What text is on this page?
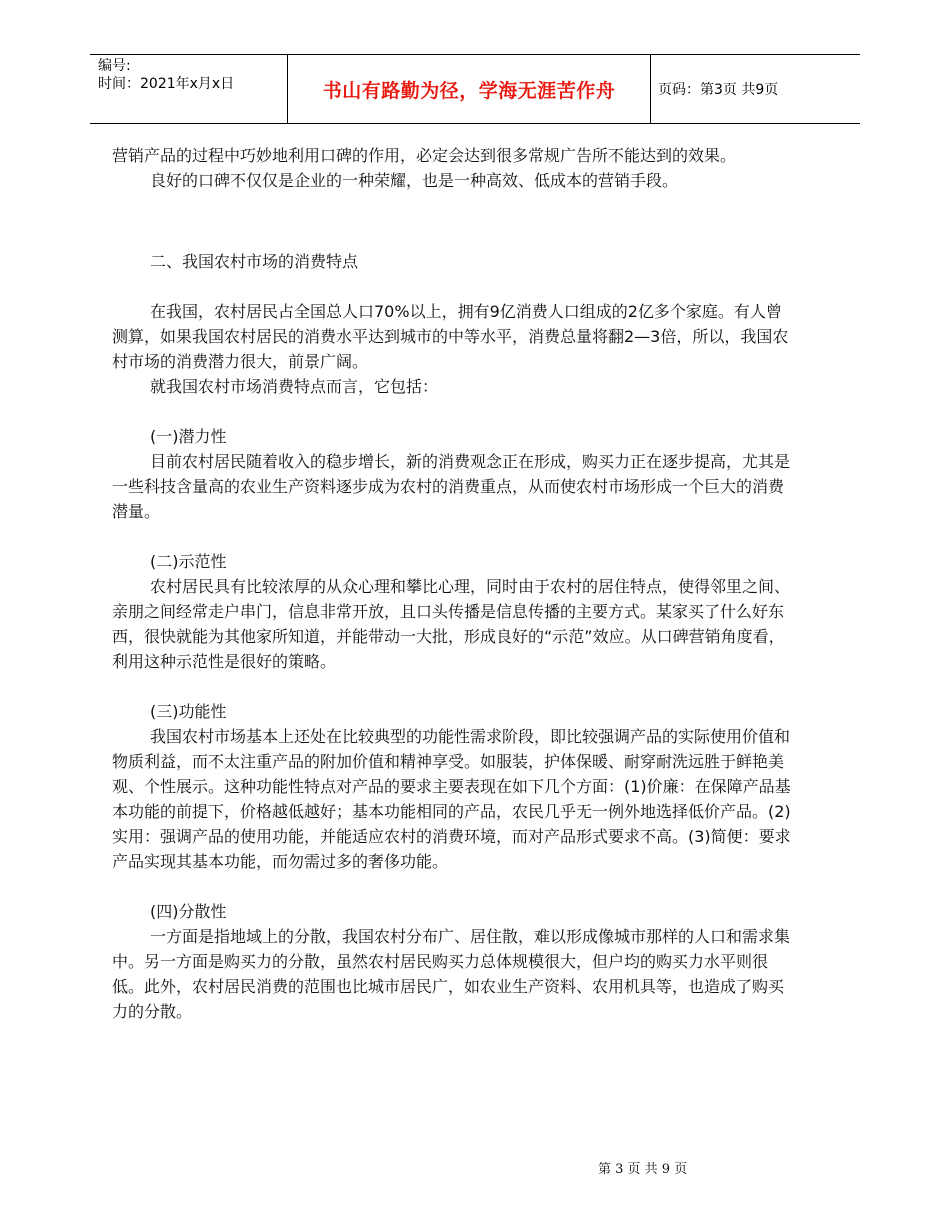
编号:
时间：2021年x月x日	书山有路勤为径，学海无涯苦作舟	页码：第3页 共9页

营销产品的过程中巧妙地利用口碑的作用，必定会达到很多常规广告所不能达到的效果。

良好的口碑不仅仅是企业的一种荣耀，也是一种高效、低成本的营销手段。

二、我国农村市场的消费特点

在我国，农村居民占全国总人口70%以上，拥有9亿消费人口组成的2亿多个家庭。有人曾测算，如果我国农村居民的消费水平达到城市的中等水平，消费总量将翻2—3倍，所以，我国农村市场的消费潜力很大，前景广阔。

就我国农村市场消费特点而言，它包括：

(一)潜力性

目前农村居民随着收入的稳步增长，新的消费观念正在形成，购买力正在逐步提高，尤其是一些科技含量高的农业生产资料逐步成为农村的消费重点，从而使农村市场形成一个巨大的消费潜量。

(二)示范性

农村居民具有比较浓厚的从众心理和攀比心理，同时由于农村的居住特点，使得邻里之间、亲朋之间经常走户串门，信息非常开放，且口头传播是信息传播的主要方式。某家买了什么好东西，很快就能为其他家所知道，并能带动一大批，形成良好的“示范”效应。从口碑营销角度看，利用这种示范性是很好的策略。

(三)功能性

我国农村市场基本上还处在比较典型的功能性需求阶段，即比较强调产品的实际使用价值和物质利益，而不太注重产品的附加价值和精神享受。如服装，护体保暖、耐穿耐洗远胜于鲜艳美观、个性展示。这种功能性特点对产品的要求主要表现在如下几个方面：(1)价廉：在保障产品基本功能的前提下，价格越低越好；基本功能相同的产品，农民几乎无一例外地选择低价产品。(2)实用：强调产品的使用功能，并能适应农村的消费环境，而对产品形式要求不高。(3)简便：要求产品实现其基本功能，而勿需过多的奢侈功能。

(四)分散性

一方面是指地域上的分散，我国农村分布广、居住散，难以形成像城市那样的人口和需求集中。另一方面是购买力的分散，虽然农村居民购买力总体规模很大，但户均的购买力水平则很低。此外，农村居民消费的范围也比城市居民广，如农业生产资料、农用机具等，也造成了购买力的分散。

第 3 页 共 9 页
